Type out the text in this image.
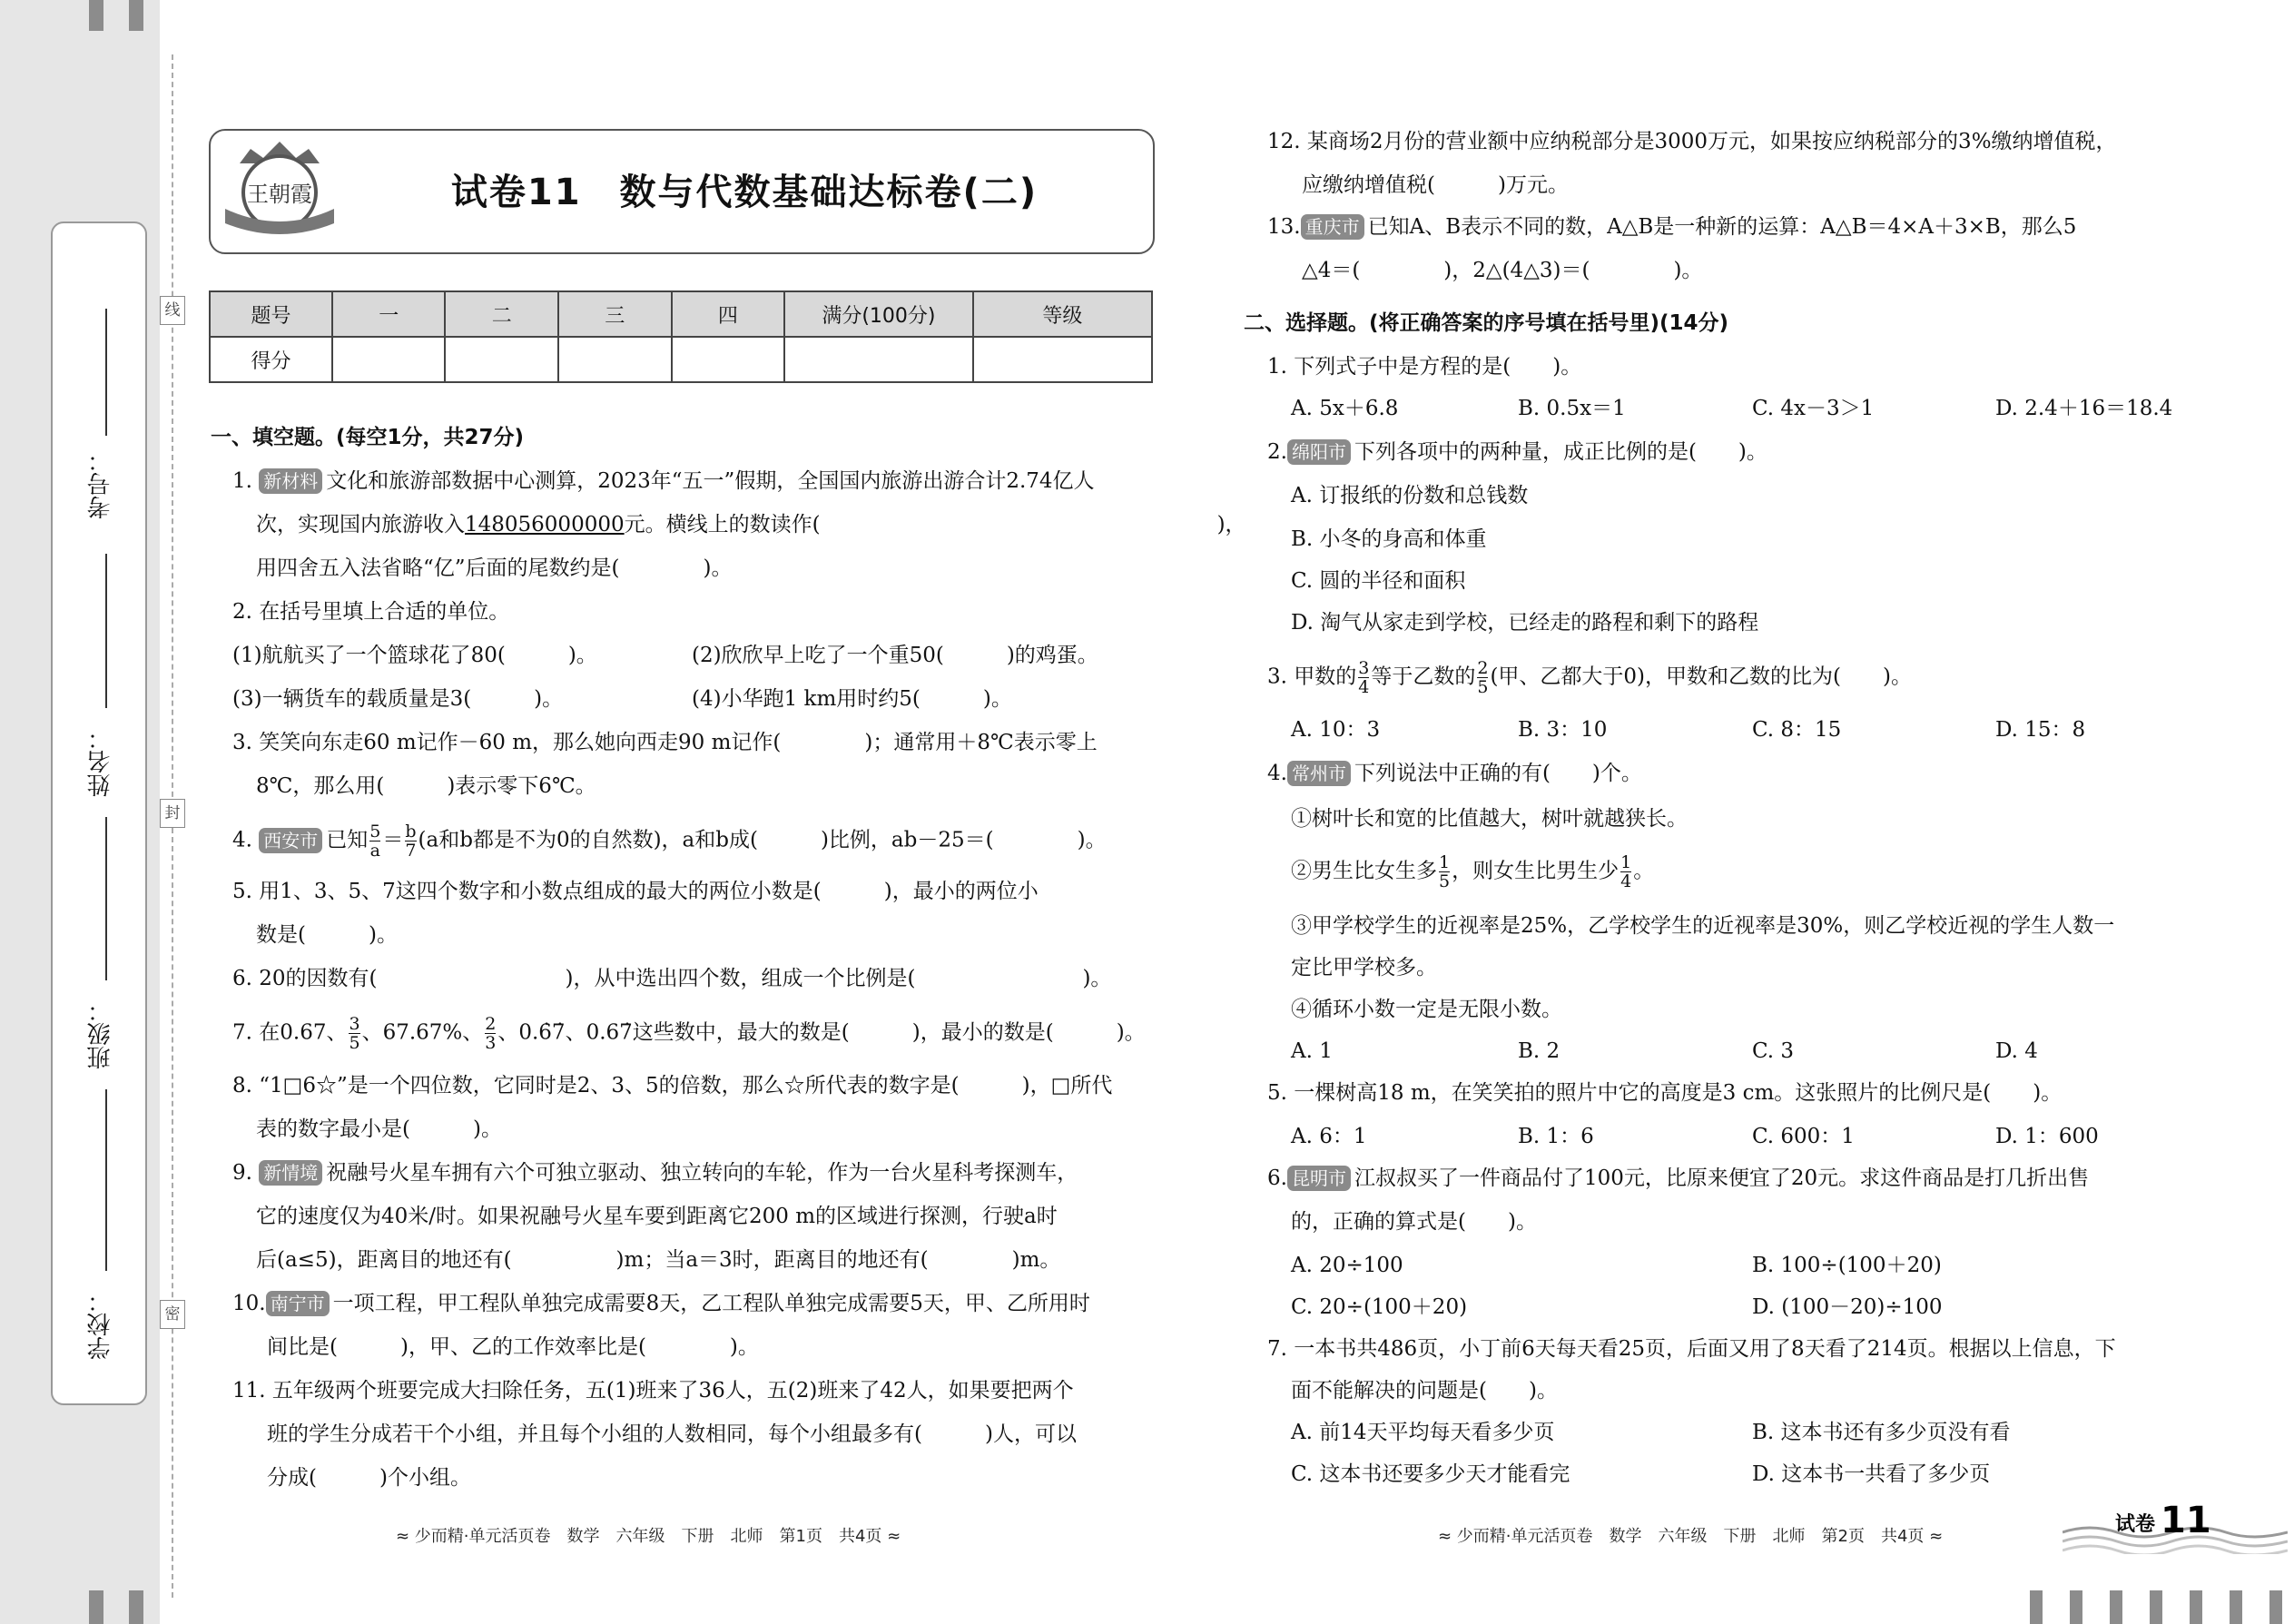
考号：
姓名：
班级：
学校：
线
封
密
王朝霞	试卷11　数与代数基础达标卷(二)
题号	一	二	三	四	满分(100分)	等级
得分						
一、填空题。(每空1分，共27分)
1. 新材料 文化和旅游部数据中心测算，2023年“五一”假期，全国国内旅游出游合计2.74亿人
次，实现国内旅游收入148056000000元。横线上的数读作(　　　　　　　　　　　　　　　　　　　)，
用四舍五入法省略“亿”后面的尾数约是(　　　　)。
2. 在括号里填上合适的单位。
(1)航航买了一个篮球花了80(　　　)。	(2)欣欣早上吃了一个重50(　　　)的鸡蛋。
(3)一辆货车的载质量是3(　　　)。	(4)小华跑1 km用时约5(　　　)。
3. 笑笑向东走60 m记作－60 m，那么她向西走90 m记作(　　　　)；通常用＋8℃表示零上
8℃，那么用(　　　)表示零下6℃。
4. 西安市 已知 $\frac{5}{a} = \frac{b}{7} (a$和b都是不为0的自然数)，a和b成(　　　)比例，ab－25＝(　　　　)。
5. 用1、3、5、7这四个数字和小数点组成的最大的两位小数是(　　　)，最小的两位小
数是(　　　)。
6. 20的因数有(　　　　　　　　　)，从中选出四个数，组成一个比例是(　　　　　　　　)。
7. 在0.67、 $\frac{3}{5}$ 、67.67%、 $\frac{2}{3}$ 、0.6̇7̇、0.67̇这些数中，最大的数是(　　　)，最小的数是(　　　)。
8. “1□6☆”是一个四位数，它同时是2、3、5的倍数，那么☆所代表的数字是(　　　)，□所代
表的数字最小是(　　　)。
9. 新情境 祝融号火星车拥有六个可独立驱动、独立转向的车轮，作为一台火星科考探测车，
它的速度仅为40米/时。如果祝融号火星车要到距离它200 m的区域进行探测，行驶a时
后(a≤5)，距离目的地还有(　　　　　)m；当a＝3时，距离目的地还有(　　　　)m。
10. 南宁市 一项工程，甲工程队单独完成需要8天，乙工程队单独完成需要5天，甲、乙所用时
间比是(　　　)，甲、乙的工作效率比是(　　　　)。
11. 五年级两个班要完成大扫除任务，五(1)班来了36人，五(2)班来了42人，如果要把两个
班的学生分成若干个小组，并且每个小组的人数相同，每个小组最多有(　　　)人，可以
分成(　　　)个小组。
≈ 少而精·单元活页卷　数学　六年级　下册　北师　第1页　共4页 ≈
12. 某商场2月份的营业额中应纳税部分是3000万元，如果按应纳税部分的3%缴纳增值税，
应缴纳增值税(　　　)万元。
13. 重庆市 已知A、B表示不同的数，A△B是一种新的运算：A△B＝4×A＋3×B，那么5
△4＝(　　　　)，2△(4△3)＝(　　　　)。
二、选择题。(将正确答案的序号填在括号里)(14分)
1. 下列式子中是方程的是(　　)。
A. 5x＋6.8	B. 0.5x＝1	C. 4x－3＞1	D. 2.4＋16＝18.4
2. 绵阳市 下列各项中的两种量，成正比例的是(　　)。
A. 订报纸的份数和总钱数
B. 小冬的身高和体重
C. 圆的半径和面积
D. 淘气从家走到学校，已经走的路程和剩下的路程
3. 甲数的 $\frac{3}{4}$ 等于乙数的 $\frac{2}{5}$ (甲、乙都大于0)，甲数和乙数的比为(　　)。
A. 10：3	B. 3：10	C. 8：15	D. 15：8
4. 常州市 下列说法中正确的有(　　)个。
①树叶长和宽的比值越大，树叶就越狭长。
②男生比女生多 $\frac{1}{5}$ ，则女生比男生少 $\frac{1}{4}$ 。
③甲学校学生的近视率是25%，乙学校学生的近视率是30%，则乙学校近视的学生人数一
定比甲学校多。
④循环小数一定是无限小数。
A. 1	B. 2	C. 3	D. 4
5. 一棵树高18 m，在笑笑拍的照片中它的高度是3 cm。这张照片的比例尺是(　　)。
A. 6：1	B. 1：6	C. 600：1	D. 1：600
6. 昆明市 江叔叔买了一件商品付了100元，比原来便宜了20元。求这件商品是打几折出售
的，正确的算式是(　　)。
A. 20÷100	B. 100÷(100＋20)
C. 20÷(100＋20)	D. (100－20)÷100
7. 一本书共486页，小丁前6天每天看25页，后面又用了8天看了214页。根据以上信息，下
面不能解决的问题是(　　)。
A. 前14天平均每天看多少页	B. 这本书还有多少页没有看
C. 这本书还要多少天才能看完	D. 这本书一共看了多少页
≈ 少而精·单元活页卷　数学　六年级　下册　北师　第2页　共4页 ≈
试卷 11
